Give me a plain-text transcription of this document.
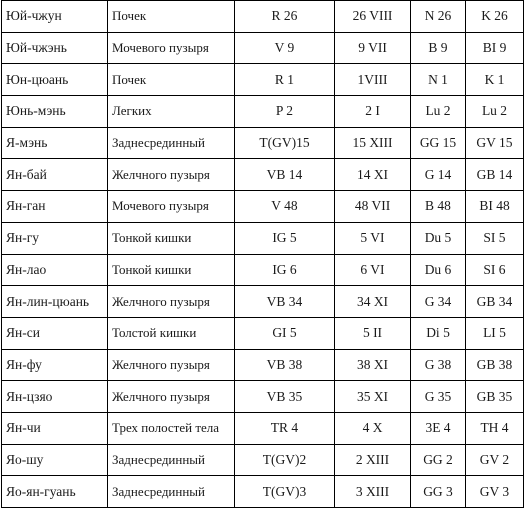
Юй-чжун	Почек	R 26	26 VIII	N 26	K 26
Юй-чжэнь	Мочевого пузыря	V 9	9 VII	B 9	BI 9
Юн-цюань	Почек	R 1	1VIII	N 1	K 1
Юнь-мэнь	Легких	P 2	2 I	Lu 2	Lu 2
Я-мэнь	Заднесрединный	T(GV)15	15 XIII	GG 15	GV 15
Ян-бай	Желчного пузыря	VB 14	14 XI	G 14	GB 14
Ян-ган	Мочевого пузыря	V 48	48 VII	B 48	BI 48
Ян-гу	Тонкой кишки	IG 5	5 VI	Du 5	SI 5
Ян-лао	Тонкой кишки	IG 6	6 VI	Du 6	SI 6
Ян-лин-цюань	Желчного пузыря	VB 34	34 XI	G 34	GB 34
Ян-си	Толстой кишки	GI 5	5 II	Di 5	LI 5
Ян-фу	Желчного пузыря	VB 38	38 XI	G 38	GB 38
Ян-цзяо	Желчного пузыря	VB 35	35 XI	G 35	GB 35
Ян-чи	Трех полостей тела	TR 4	4 X	3E 4	TH 4
Яо-шу	Заднесрединный	T(GV)2	2 XIII	GG 2	GV 2
Яо-ян-гуань	Заднесрединный	T(GV)3	3 XIII	GG 3	GV 3
